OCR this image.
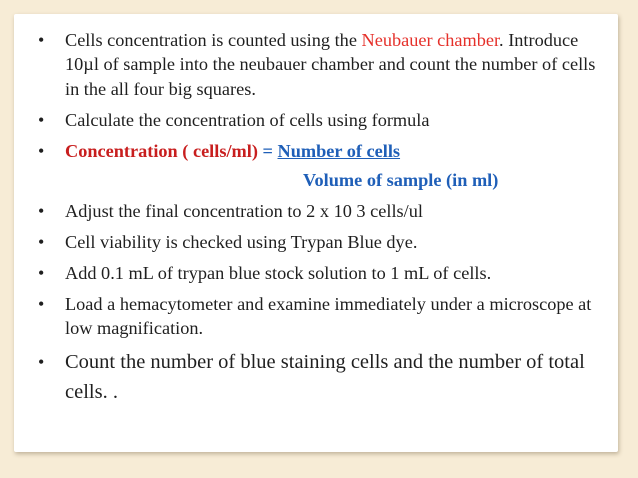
• Cells concentration is counted using the Neubauer chamber. Introduce 10µl of sample into the neubauer chamber and count the number of cells in the all four big squares.
• Calculate the concentration of cells using formula
• Concentration ( cells/ml) = Number of cells
Volume of sample (in ml)
• Adjust the final concentration to 2 x 10 3 cells/ul
• Cell viability is checked using Trypan Blue dye.
• Add 0.1 mL of trypan blue stock solution to 1 mL of cells.
• Load a hemacytometer and examine immediately under a microscope at low magnification.
• Count the number of blue staining cells and the number of total cells. .
